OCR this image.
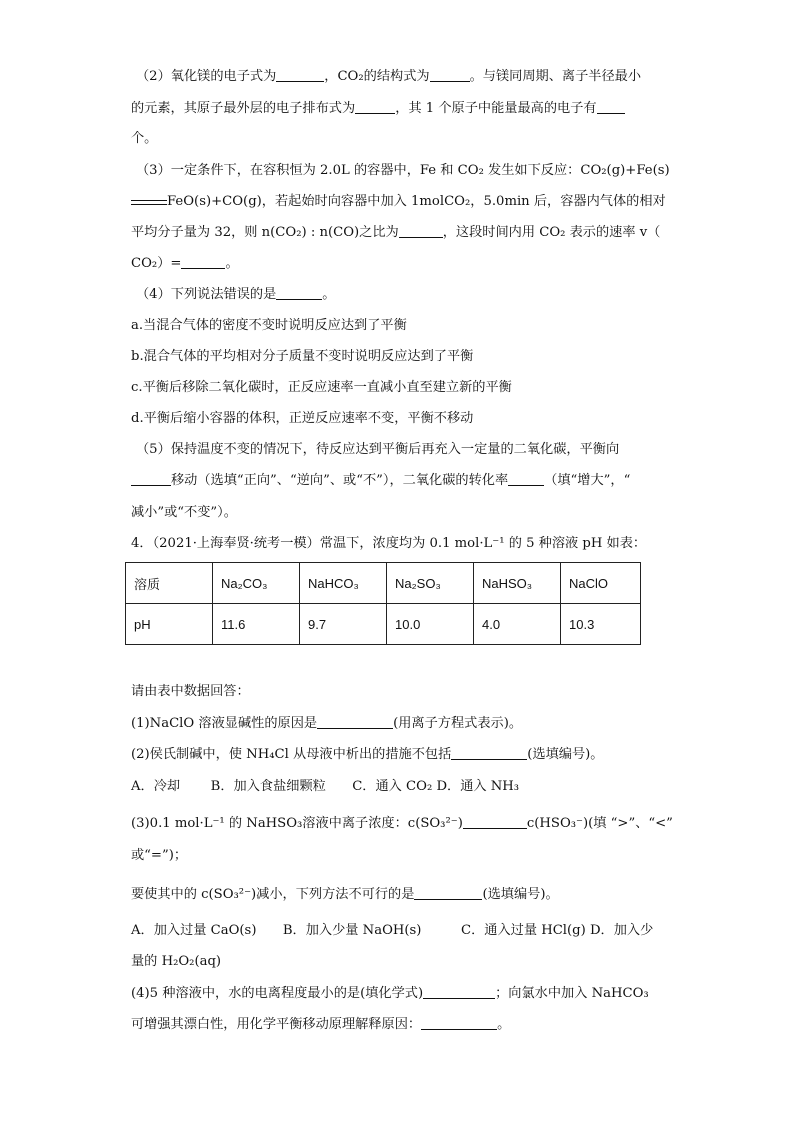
（2）氧化镁的电子式为	，CO₂的结构式为	。与镁同周期、离子半径最小
的元素，其原子最外层的电子排布式为	，其 1 个原子中能量最高的电子有
个。
（3）一定条件下，在容积恒为 2.0L 的容器中，Fe 和 CO₂ 发生如下反应：CO₂(g)+Fe(s)
FeO(s)+CO(g)，若起始时向容器中加入 1molCO₂，5.0min 后，容器内气体的相对
平均分子量为 32，则 n(CO₂) : n(CO)之比为	，这段时间内用 CO₂ 表示的速率 v（
CO₂）=	。
（4）下列说法错误的是	。
a.当混合气体的密度不变时说明反应达到了平衡
b.混合气体的平均相对分子质量不变时说明反应达到了平衡
c.平衡后移除二氧化碳时，正反应速率一直减小直至建立新的平衡
d.平衡后缩小容器的体积，正逆反应速率不变，平衡不移动
（5）保持温度不变的情况下，待反应达到平衡后再充入一定量的二氧化碳，平衡向
移动（选填“正向”、“逆向”、或“不”），二氧化碳的转化率	（填“增大”，“
减小”或“不变”）。
4．（2021·上海奉贤·统考一模）常温下，浓度均为 0.1 mol·L⁻¹ 的 5 种溶液 pH 如表：
溶质	Na₂CO₃	NaHCO₃	Na₂SO₃	NaHSO₃	NaClO
pH	11.6	9.7	10.0	4.0	10.3
请由表中数据回答：
(1)NaClO 溶液显碱性的原因是	(用离子方程式表示)。
(2)侯氏制碱中，使 NH₄Cl 从母液中析出的措施不包括	(选填编号)。
A．冷却　　 B．加入食盐细颗粒　　C．通入 CO₂ D．通入 NH₃
(3)0.1 mol·L⁻¹ 的 NaHSO₃溶液中离子浓度：c(SO₃²⁻)	c(HSO₃⁻)(填 “>”、“<”
或“=”)；
要使其中的 c(SO₃²⁻)减小，下列方法不可行的是	(选填编号)。
A．加入过量 CaO(s)　　B．加入少量 NaOH(s)　　　C．通入过量 HCl(g) D．加入少
量的 H₂O₂(aq)
(4)5 种溶液中，水的电离程度最小的是(填化学式)	；向氯水中加入 NaHCO₃
可增强其漂白性，用化学平衡移动原理解释原因：	。
